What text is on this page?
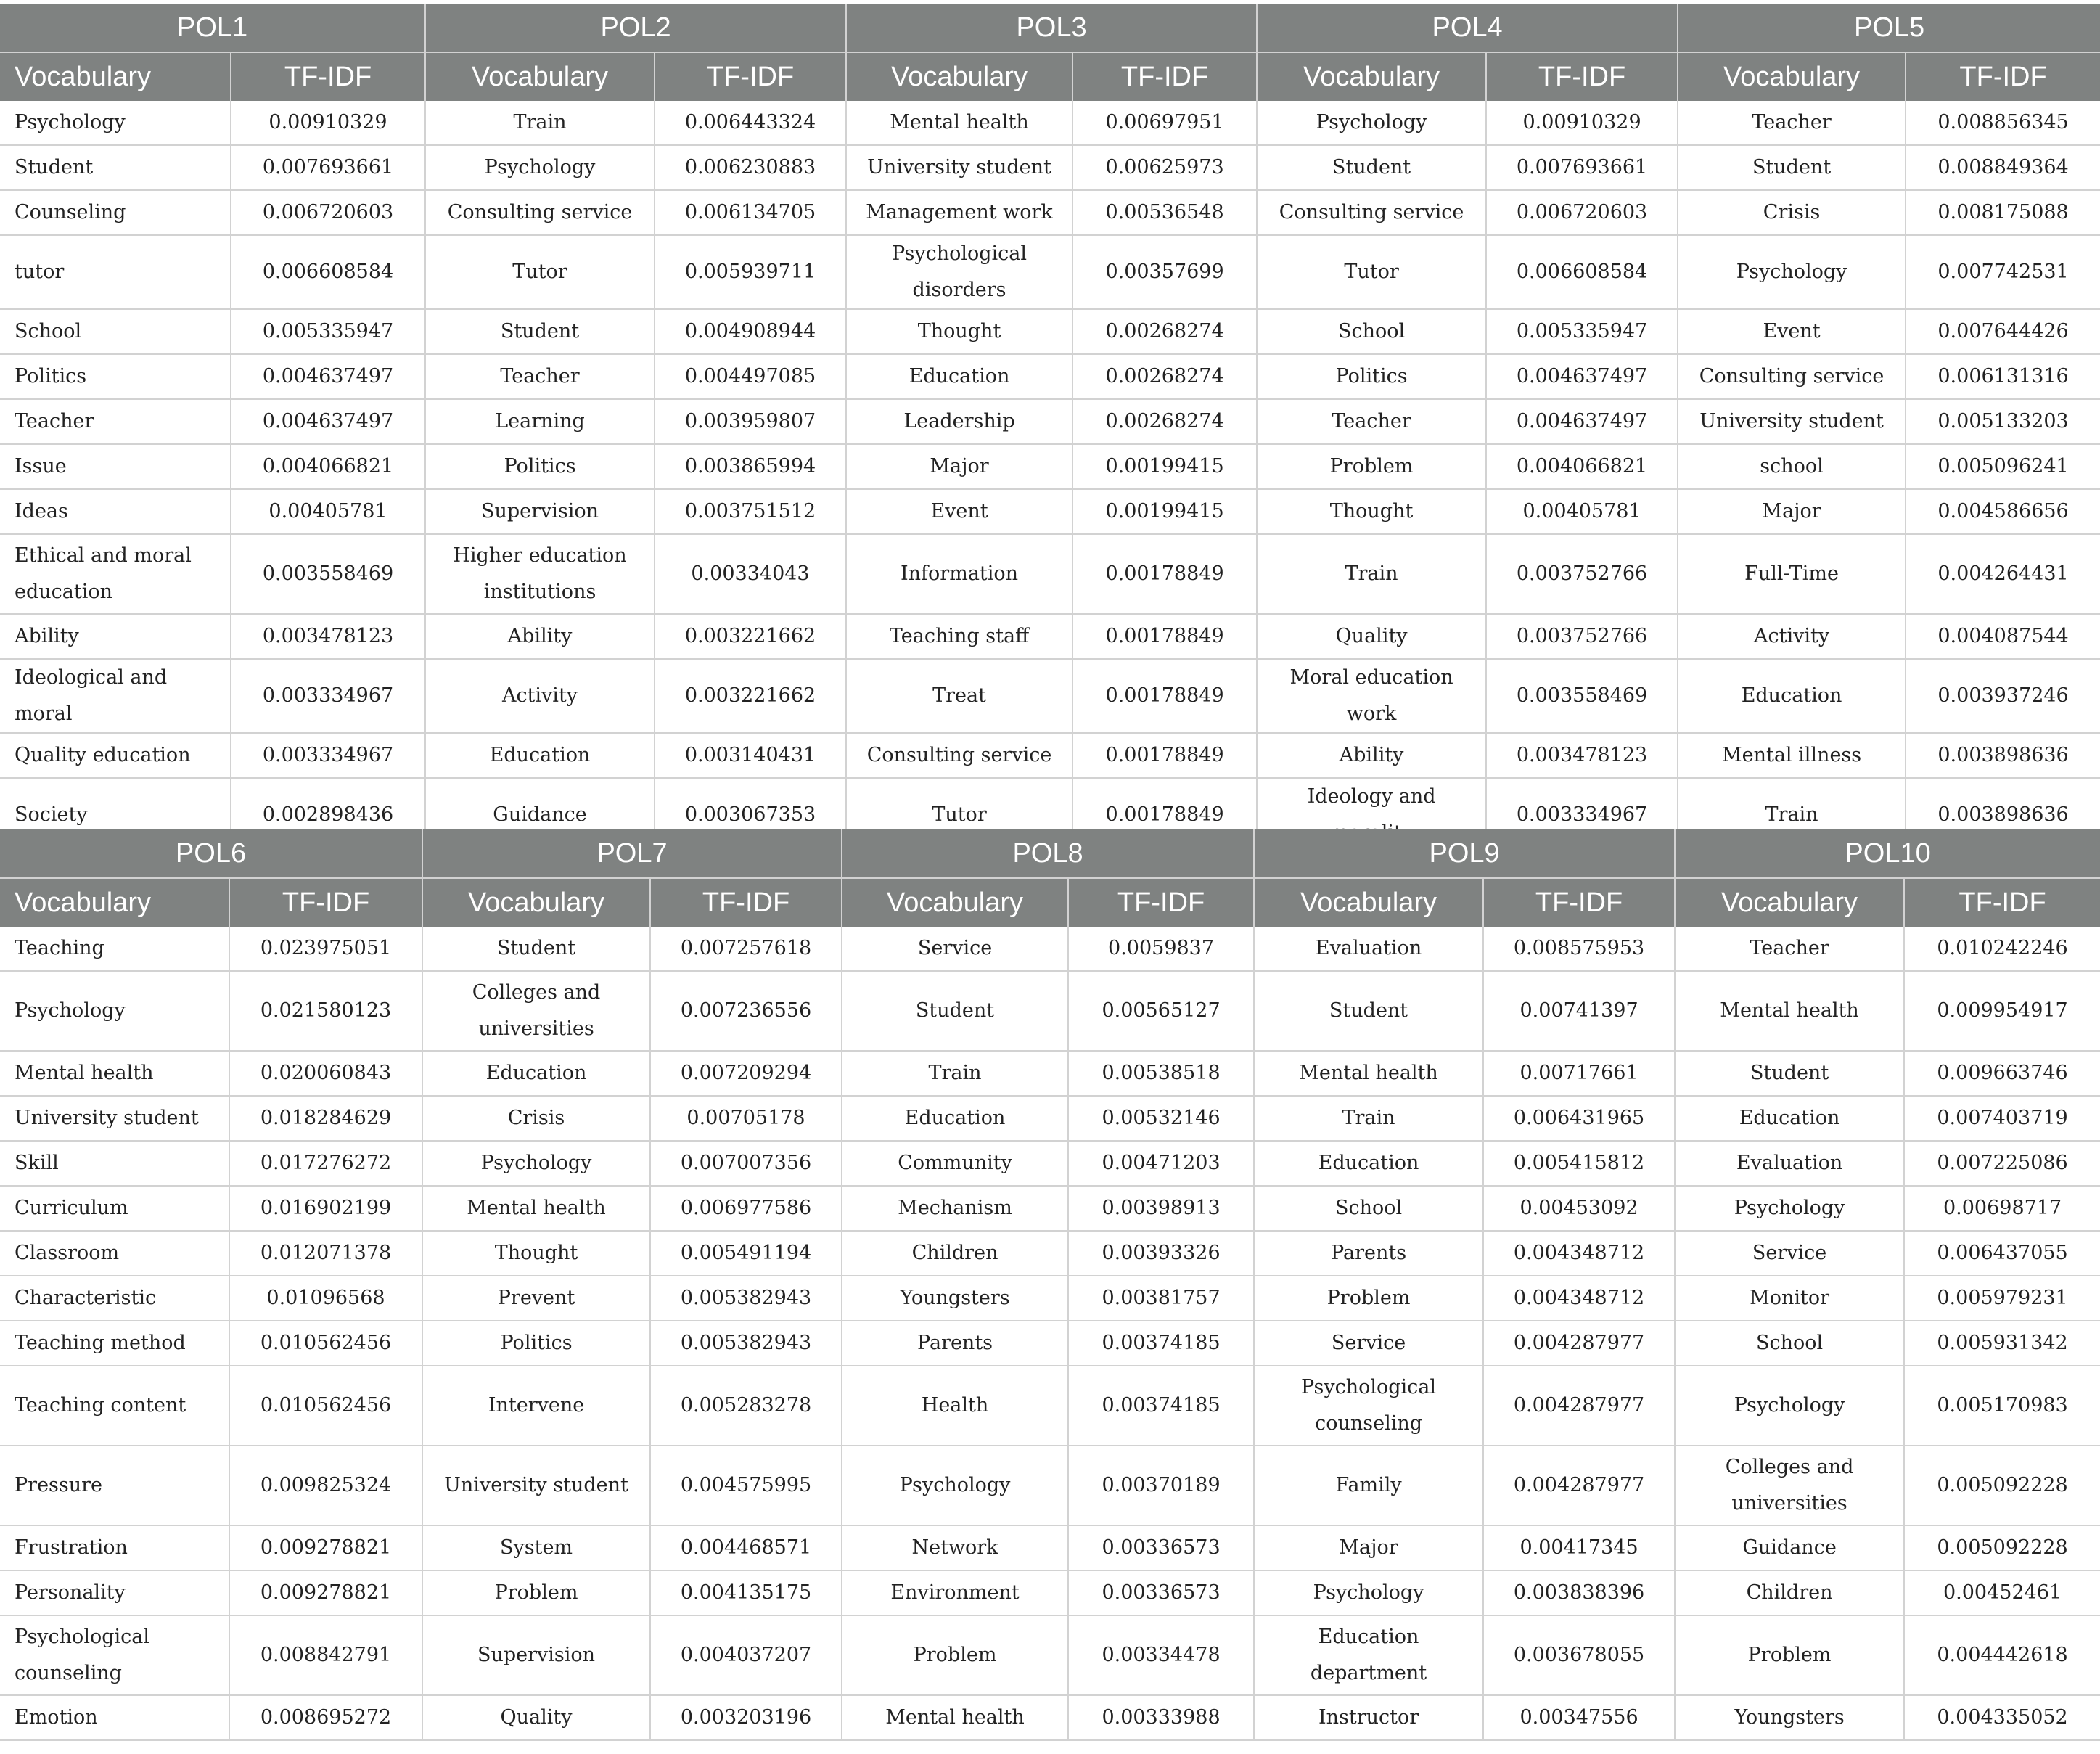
POL1		POL2		POL3		POL4		POL5	
Vocabulary	TF-IDF	Vocabulary	TF-IDF	Vocabulary	TF-IDF	Vocabulary	TF-IDF	Vocabulary	TF-IDF
Psychology	0.00910329	Train	0.006443324	Mental health	0.00697951	Psychology	0.00910329	Teacher	0.008856345
Student	0.007693661	Psychology	0.006230883	University student	0.00625973	Student	0.007693661	Student	0.008849364
Counseling	0.006720603	Consulting service	0.006134705	Management work	0.00536548	Consulting service	0.006720603	Crisis	0.008175088
tutor	0.006608584	Tutor	0.005939711	Psychological disorders	0.00357699	Tutor	0.006608584	Psychology	0.007742531
School	0.005335947	Student	0.004908944	Thought	0.00268274	School	0.005335947	Event	0.007644426
Politics	0.004637497	Teacher	0.004497085	Education	0.00268274	Politics	0.004637497	Consulting service	0.006131316
Teacher	0.004637497	Learning	0.003959807	Leadership	0.00268274	Teacher	0.004637497	University student	0.005133203
Issue	0.004066821	Politics	0.003865994	Major	0.00199415	Problem	0.004066821	school	0.005096241
Ideas	0.00405781	Supervision	0.003751512	Event	0.00199415	Thought	0.00405781	Major	0.004586656
Ethical and moral education	0.003558469	Higher education institutions	0.00334043	Information	0.00178849	Train	0.003752766	Full-Time	0.004264431
Ability	0.003478123	Ability	0.003221662	Teaching staff	0.00178849	Quality	0.003752766	Activity	0.004087544
Ideological and moral	0.003334967	Activity	0.003221662	Treat	0.00178849	Moral education work	0.003558469	Education	0.003937246
Quality education	0.003334967	Education	0.003140431	Consulting service	0.00178849	Ability	0.003478123	Mental illness	0.003898636
Society	0.002898436	Guidance	0.003067353	Tutor	0.00178849	Ideology and	0.003334967	Train	0.003898636

POL6		POL7		POL8		POL9		POL10	
Vocabulary	TF-IDF	Vocabulary	TF-IDF	Vocabulary	TF-IDF	Vocabulary	TF-IDF	Vocabulary	TF-IDF
Teaching	0.023975051	Student	0.007257618	Service	0.0059837	Evaluation	0.008575953	Teacher	0.010242246
Psychology	0.021580123	Colleges and universities	0.007236556	Student	0.00565127	Student	0.00741397	Mental health	0.009954917
Mental health	0.020060843	Education	0.007209294	Train	0.00538518	Mental health	0.00717661	Student	0.009663746
University student	0.018284629	Crisis	0.00705178	Education	0.00532146	Train	0.006431965	Education	0.007403719
Skill	0.017276272	Psychology	0.007007356	Community	0.00471203	Education	0.005415812	Evaluation	0.007225086
Curriculum	0.016902199	Mental health	0.006977586	Mechanism	0.00398913	School	0.00453092	Psychology	0.00698717
Classroom	0.012071378	Thought	0.005491194	Children	0.00393326	Parents	0.004348712	Service	0.006437055
Characteristic	0.01096568	Prevent	0.005382943	Youngsters	0.00381757	Problem	0.004348712	Monitor	0.005979231
Teaching method	0.010562456	Politics	0.005382943	Parents	0.00374185	Service	0.004287977	School	0.005931342
Teaching content	0.010562456	Intervene	0.005283278	Health	0.00374185	Psychological counseling	0.004287977	Psychology	0.005170983
Pressure	0.009825324	University student	0.004575995	Psychology	0.00370189	Family	0.004287977	Colleges and universities	0.005092228
Frustration	0.009278821	System	0.004468571	Network	0.00336573	Major	0.00417345	Guidance	0.005092228
Personality	0.009278821	Problem	0.004135175	Environment	0.00336573	Psychology	0.003838396	Children	0.00452461
Psychological counseling	0.008842791	Supervision	0.004037207	Problem	0.00334478	Education department	0.003678055	Problem	0.004442618
Emotion	0.008695272	Quality	0.003203196	Mental health	0.00333988	Instructor	0.00347556	Youngsters	0.004335052
